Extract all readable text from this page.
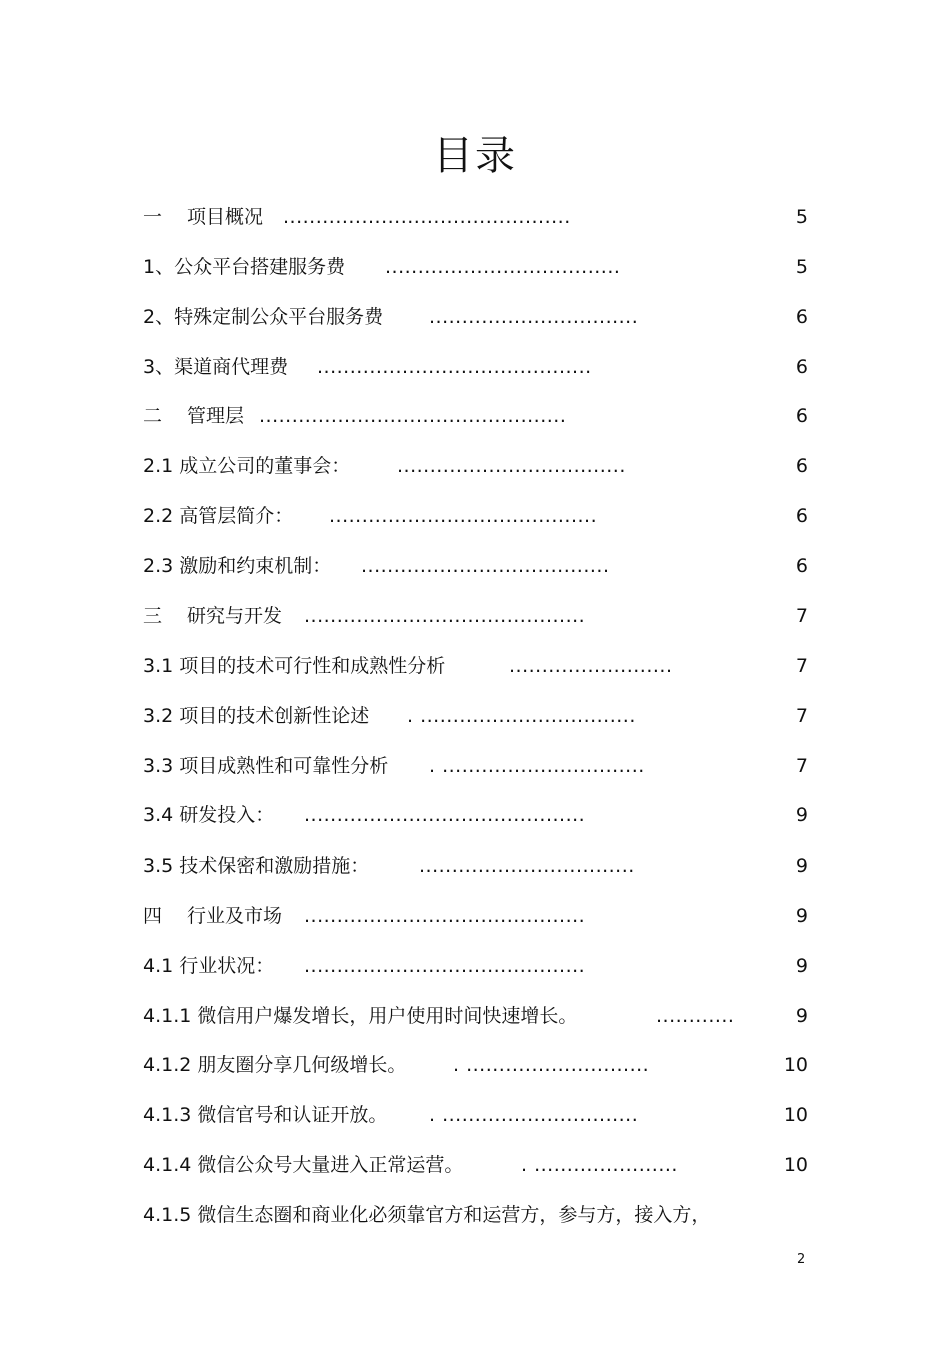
目录
一　 项目概况 ............................................	5
1、公众平台搭建服务费 ....................................	5
2、特殊定制公众平台服务费 ................................	6
3、渠道商代理费 ..........................................	6
二　 管理层 ...............................................	6
2.1 成立公司的董事会： ...................................	6
2.2 高管层简介： .........................................	6
2.3 激励和约束机制： ......................................	6
三　 研究与开发 ...........................................	7
3.1 项目的技术可行性和成熟性分析	.........................	7
3.2 项目的技术创新性论述 . .................................	7
3.3 项目成熟性和可靠性分析 . ...............................	7
3.4 研发投入： ...........................................	9
3.5 技术保密和激励措施：	.................................	9
四　 行业及市场 ...........................................	9
4.1 行业状况： ...........................................	9
4.1.1 微信用户爆发增长，用户使用时间快速增长。	............	9
4.1.2 朋友圈分享几何级增长。 . ............................	10
4.1.3 微信官号和认证开放。 . ..............................	10
4.1.4 微信公众号大量进入正常运营。	. ......................	10
4.1.5 微信生态圈和商业化必须靠官方和运营方，参与方，接入方，
2
